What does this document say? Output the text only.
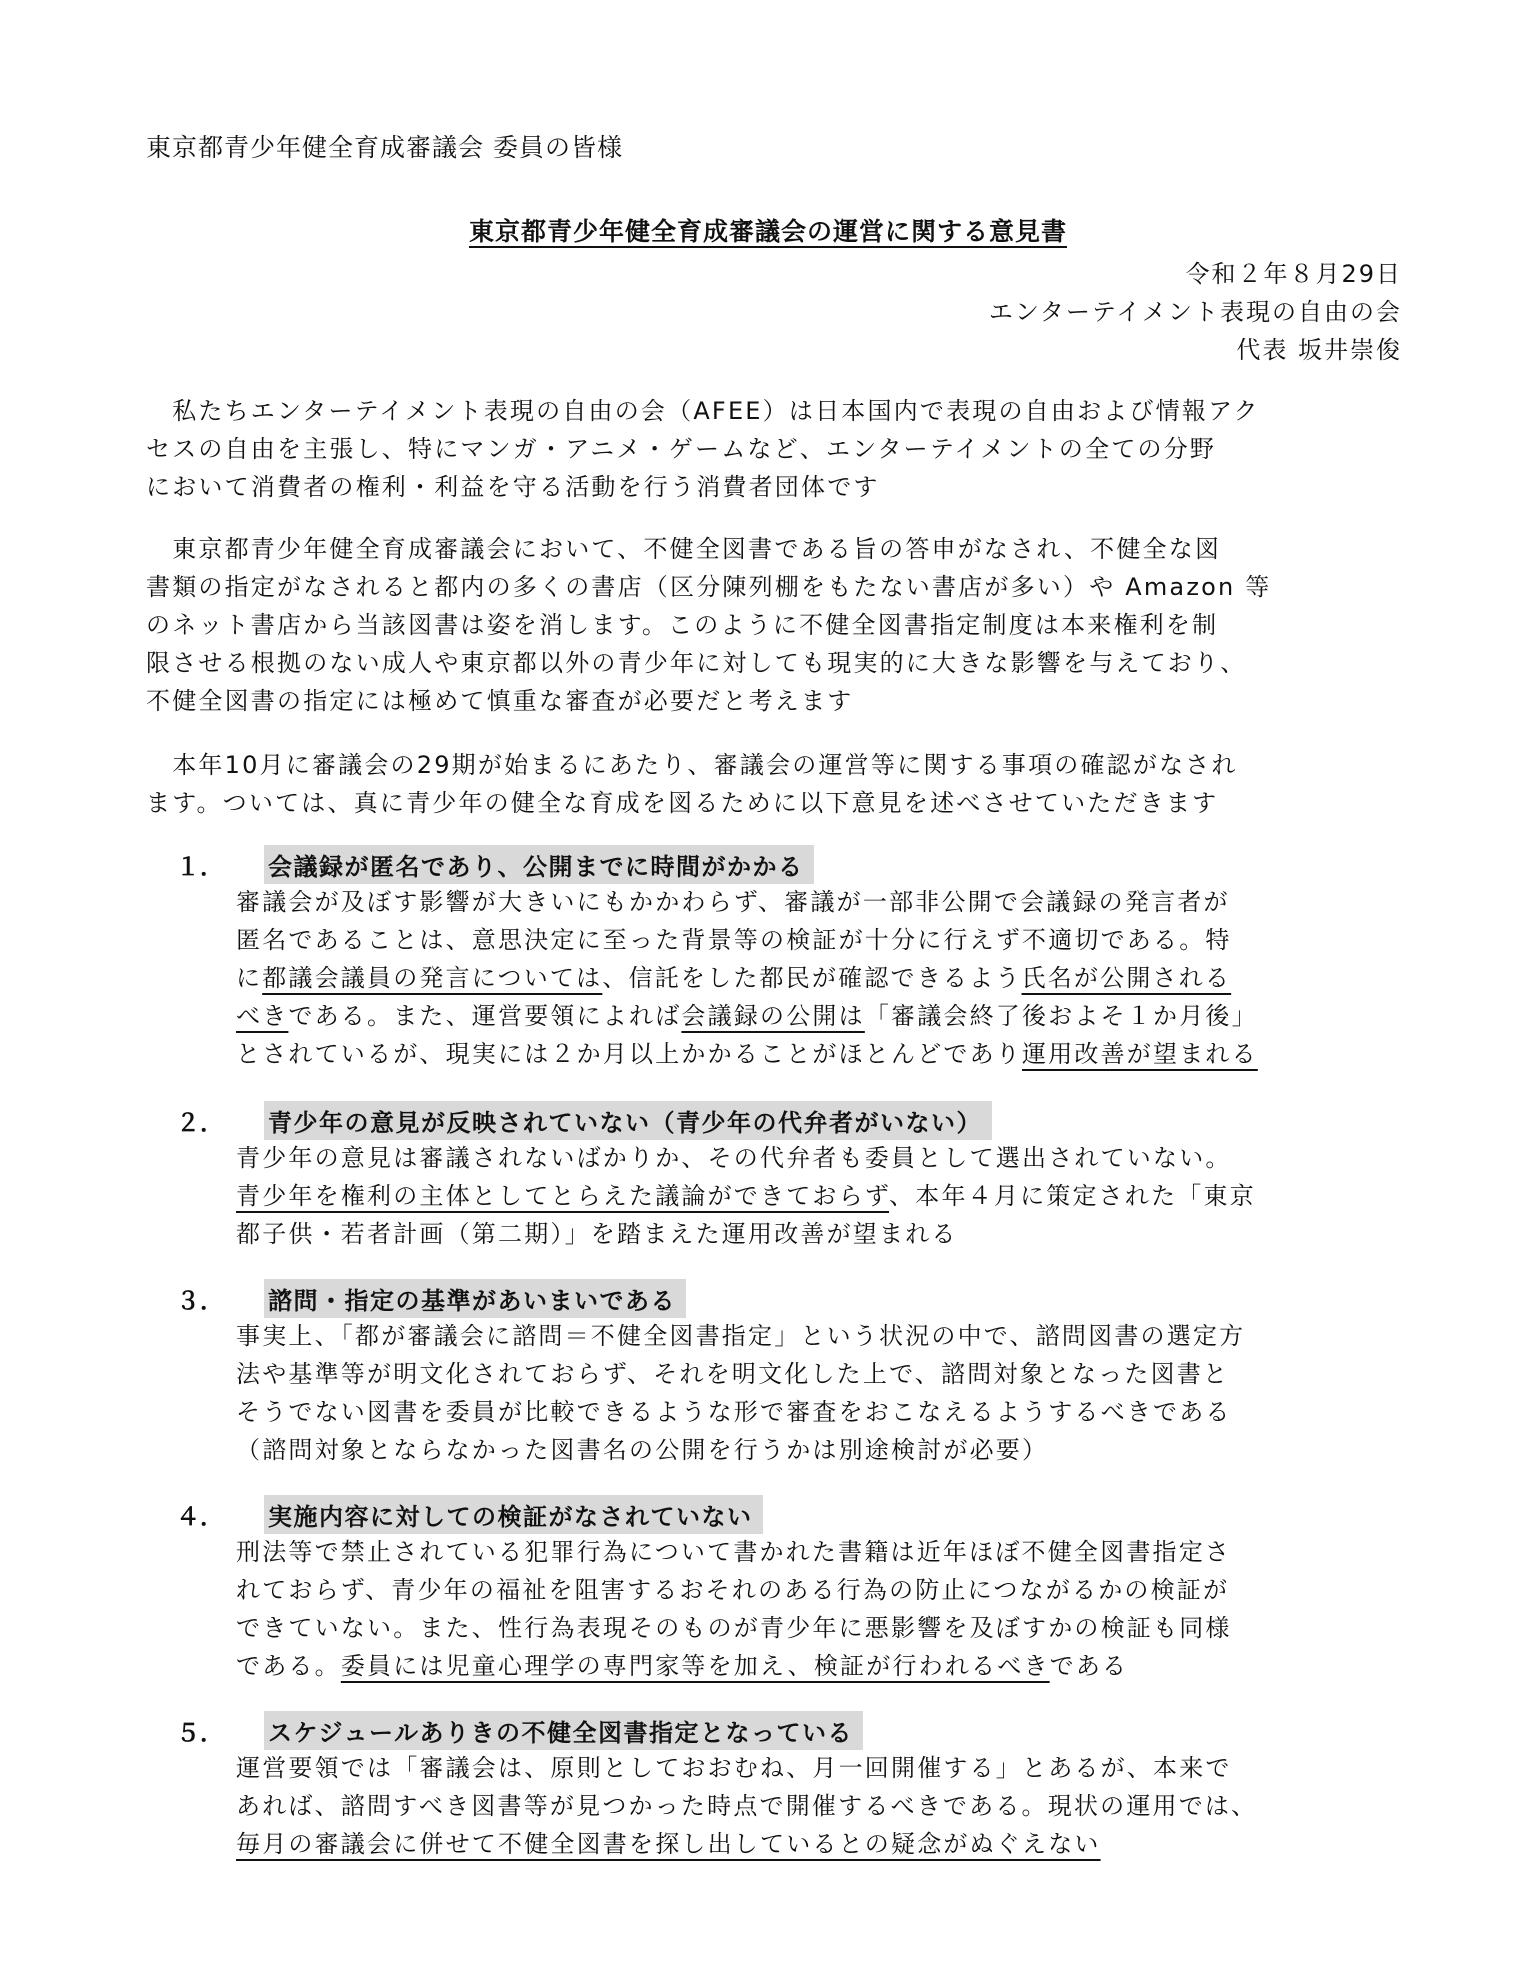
東京都青少年健全育成審議会 委員の皆様
東京都青少年健全育成審議会の運営に関する意見書
令和２年８月29日
エンターテイメント表現の自由の会
代表 坂井崇俊
　私たちエンターテイメント表現の自由の会（AFEE）は日本国内で表現の自由および情報アク
セスの自由を主張し、特にマンガ・アニメ・ゲームなど、エンターテイメントの全ての分野
において消費者の権利・利益を守る活動を行う消費者団体です
　東京都青少年健全育成審議会において、不健全図書である旨の答申がなされ、不健全な図
書類の指定がなされると都内の多くの書店（区分陳列棚をもたない書店が多い）や Amazon 等
のネット書店から当該図書は姿を消します。このように不健全図書指定制度は本来権利を制
限させる根拠のない成人や東京都以外の青少年に対しても現実的に大きな影響を与えており、
不健全図書の指定には極めて慎重な審査が必要だと考えます
　本年10月に審議会の29期が始まるにあたり、審議会の運営等に関する事項の確認がなされ
ます。ついては、真に青少年の健全な育成を図るために以下意見を述べさせていただきます
１．	会議録が匿名であり、公開までに時間がかかる
審議会が及ぼす影響が大きいにもかかわらず、審議が一部非公開で会議録の発言者が
匿名であることは、意思決定に至った背景等の検証が十分に行えず不適切である。特
に都議会議員の発言については、信託をした都民が確認できるよう氏名が公開される
べきである。また、運営要領によれば会議録の公開は「審議会終了後およそ１か月後」
とされているが、現実には２か月以上かかることがほとんどであり運用改善が望まれる
２．	青少年の意見が反映されていない（青少年の代弁者がいない）
青少年の意見は審議されないばかりか、その代弁者も委員として選出されていない。
青少年を権利の主体としてとらえた議論ができておらず、本年４月に策定された「東京
都子供・若者計画（第二期）」を踏まえた運用改善が望まれる
３．	諮問・指定の基準があいまいである
事実上、「都が審議会に諮問＝不健全図書指定」という状況の中で、諮問図書の選定方
法や基準等が明文化されておらず、それを明文化した上で、諮問対象となった図書と
そうでない図書を委員が比較できるような形で審査をおこなえるようするべきである
（諮問対象とならなかった図書名の公開を行うかは別途検討が必要）
４．	実施内容に対しての検証がなされていない
刑法等で禁止されている犯罪行為について書かれた書籍は近年ほぼ不健全図書指定さ
れておらず、青少年の福祉を阻害するおそれのある行為の防止につながるかの検証が
できていない。また、性行為表現そのものが青少年に悪影響を及ぼすかの検証も同様
である。委員には児童心理学の専門家等を加え、検証が行われるべきである
５．	スケジュールありきの不健全図書指定となっている
運営要領では「審議会は、原則としておおむね、月一回開催する」とあるが、本来で
あれば、諮問すべき図書等が見つかった時点で開催するべきである。現状の運用では、
毎月の審議会に併せて不健全図書を探し出しているとの疑念がぬぐえない
